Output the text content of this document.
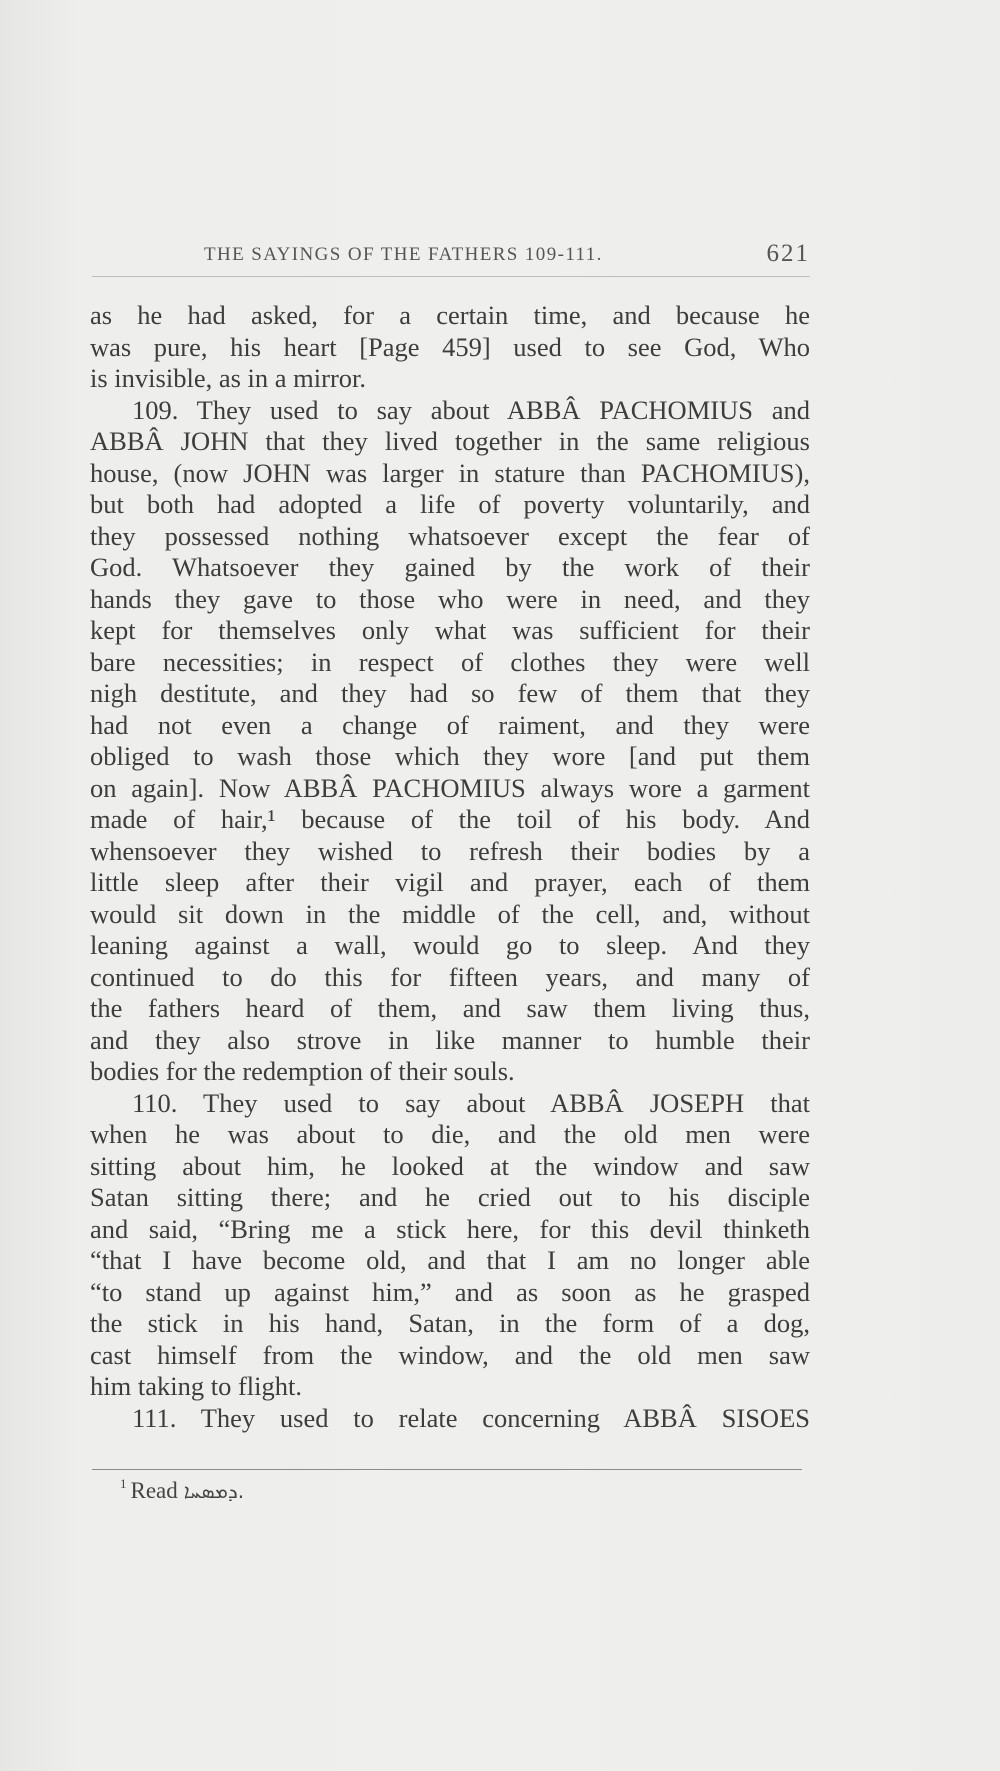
THE SAYINGS OF THE FATHERS 109-111.	621
as he had asked, for a certain time, and because he
was pure, his heart [Page 459] used to see God, Who
is invisible, as in a mirror.
109. They used to say about ABBÂ PACHOMIUS and
ABBÂ JOHN that they lived together in the same religious
house, (now JOHN was larger in stature than PACHOMIUS),
but both had adopted a life of poverty voluntarily, and
they possessed nothing whatsoever except the fear of
God. Whatsoever they gained by the work of their
hands they gave to those who were in need, and they
kept for themselves only what was sufficient for their
bare necessities; in respect of clothes they were well
nigh destitute, and they had so few of them that they
had not even a change of raiment, and they were
obliged to wash those which they wore [and put them
on again]. Now ABBÂ PACHOMIUS always wore a garment
made of hair,¹ because of the toil of his body. And
whensoever they wished to refresh their bodies by a
little sleep after their vigil and prayer, each of them
would sit down in the middle of the cell, and, without
leaning against a wall, would go to sleep. And they
continued to do this for fifteen years, and many of
the fathers heard of them, and saw them living thus,
and they also strove in like manner to humble their
bodies for the redemption of their souls.
110. They used to say about ABBÂ JOSEPH that
when he was about to die, and the old men were
sitting about him, he looked at the window and saw
Satan sitting there; and he cried out to his disciple
and said, “Bring me a stick here, for this devil thinketh
“that I have become old, and that I am no longer able
“to stand up against him,” and as soon as he grasped
the stick in his hand, Satan, in the form of a dog,
cast himself from the window, and the old men saw
him taking to flight.
111. They used to relate concerning ABBÂ SISOES
$^1$ Read ܕܡܣܚܐ.
